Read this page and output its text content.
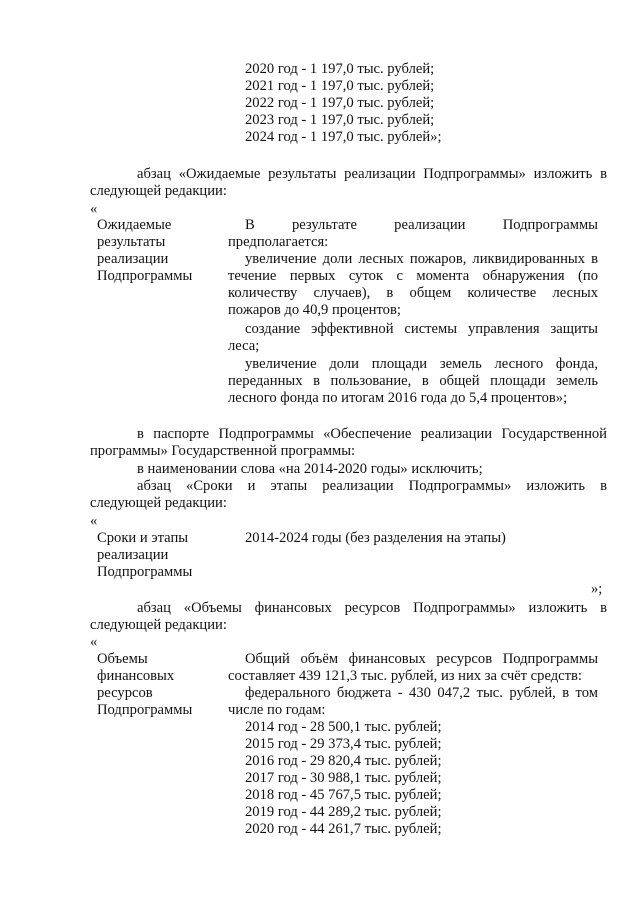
2020 год - 1 197,0 тыс. рублей;
2021 год - 1 197,0 тыс. рублей;
2022 год - 1 197,0 тыс. рублей;
2023 год - 1 197,0 тыс. рублей;
2024 год - 1 197,0 тыс. рублей»;
абзац «Ожидаемые результаты реализации Подпрограммы» изложить в
следующей редакции:
«
Ожидаемые
результаты
реализации
Подпрограммы
В результате реализации Подпрограммы
предполагается:
увеличение доли лесных пожаров, ликвидированных в
течение первых суток с момента обнаружения (по
количеству случаев), в общем количестве лесных
пожаров до 40,9 процентов;
создание эффективной системы управления защиты
леса;
увеличение доли площади земель лесного фонда,
переданных в пользование, в общей площади земель
лесного фонда по итогам 2016 года до 5,4 процентов»;
в паспорте Подпрограммы «Обеспечение реализации Государственной
программы» Государственной программы:
в наименовании слова «на 2014-2020 годы» исключить;
абзац «Сроки и этапы реализации Подпрограммы» изложить в
следующей редакции:
«
Сроки и этапы
реализации
Подпрограммы
2014-2024 годы (без разделения на этапы)
»;
абзац «Объемы финансовых ресурсов Подпрограммы» изложить в
следующей редакции:
«
Объемы
финансовых
ресурсов
Подпрограммы
Общий объём финансовых ресурсов Подпрограммы
составляет 439 121,3 тыс. рублей, из них за счёт средств:
федерального бюджета - 430 047,2 тыс. рублей, в том
числе по годам:
2014 год - 28 500,1 тыс. рублей;
2015 год - 29 373,4 тыс. рублей;
2016 год - 29 820,4 тыс. рублей;
2017 год - 30 988,1 тыс. рублей;
2018 год - 45 767,5 тыс. рублей;
2019 год - 44 289,2 тыс. рублей;
2020 год - 44 261,7 тыс. рублей;
